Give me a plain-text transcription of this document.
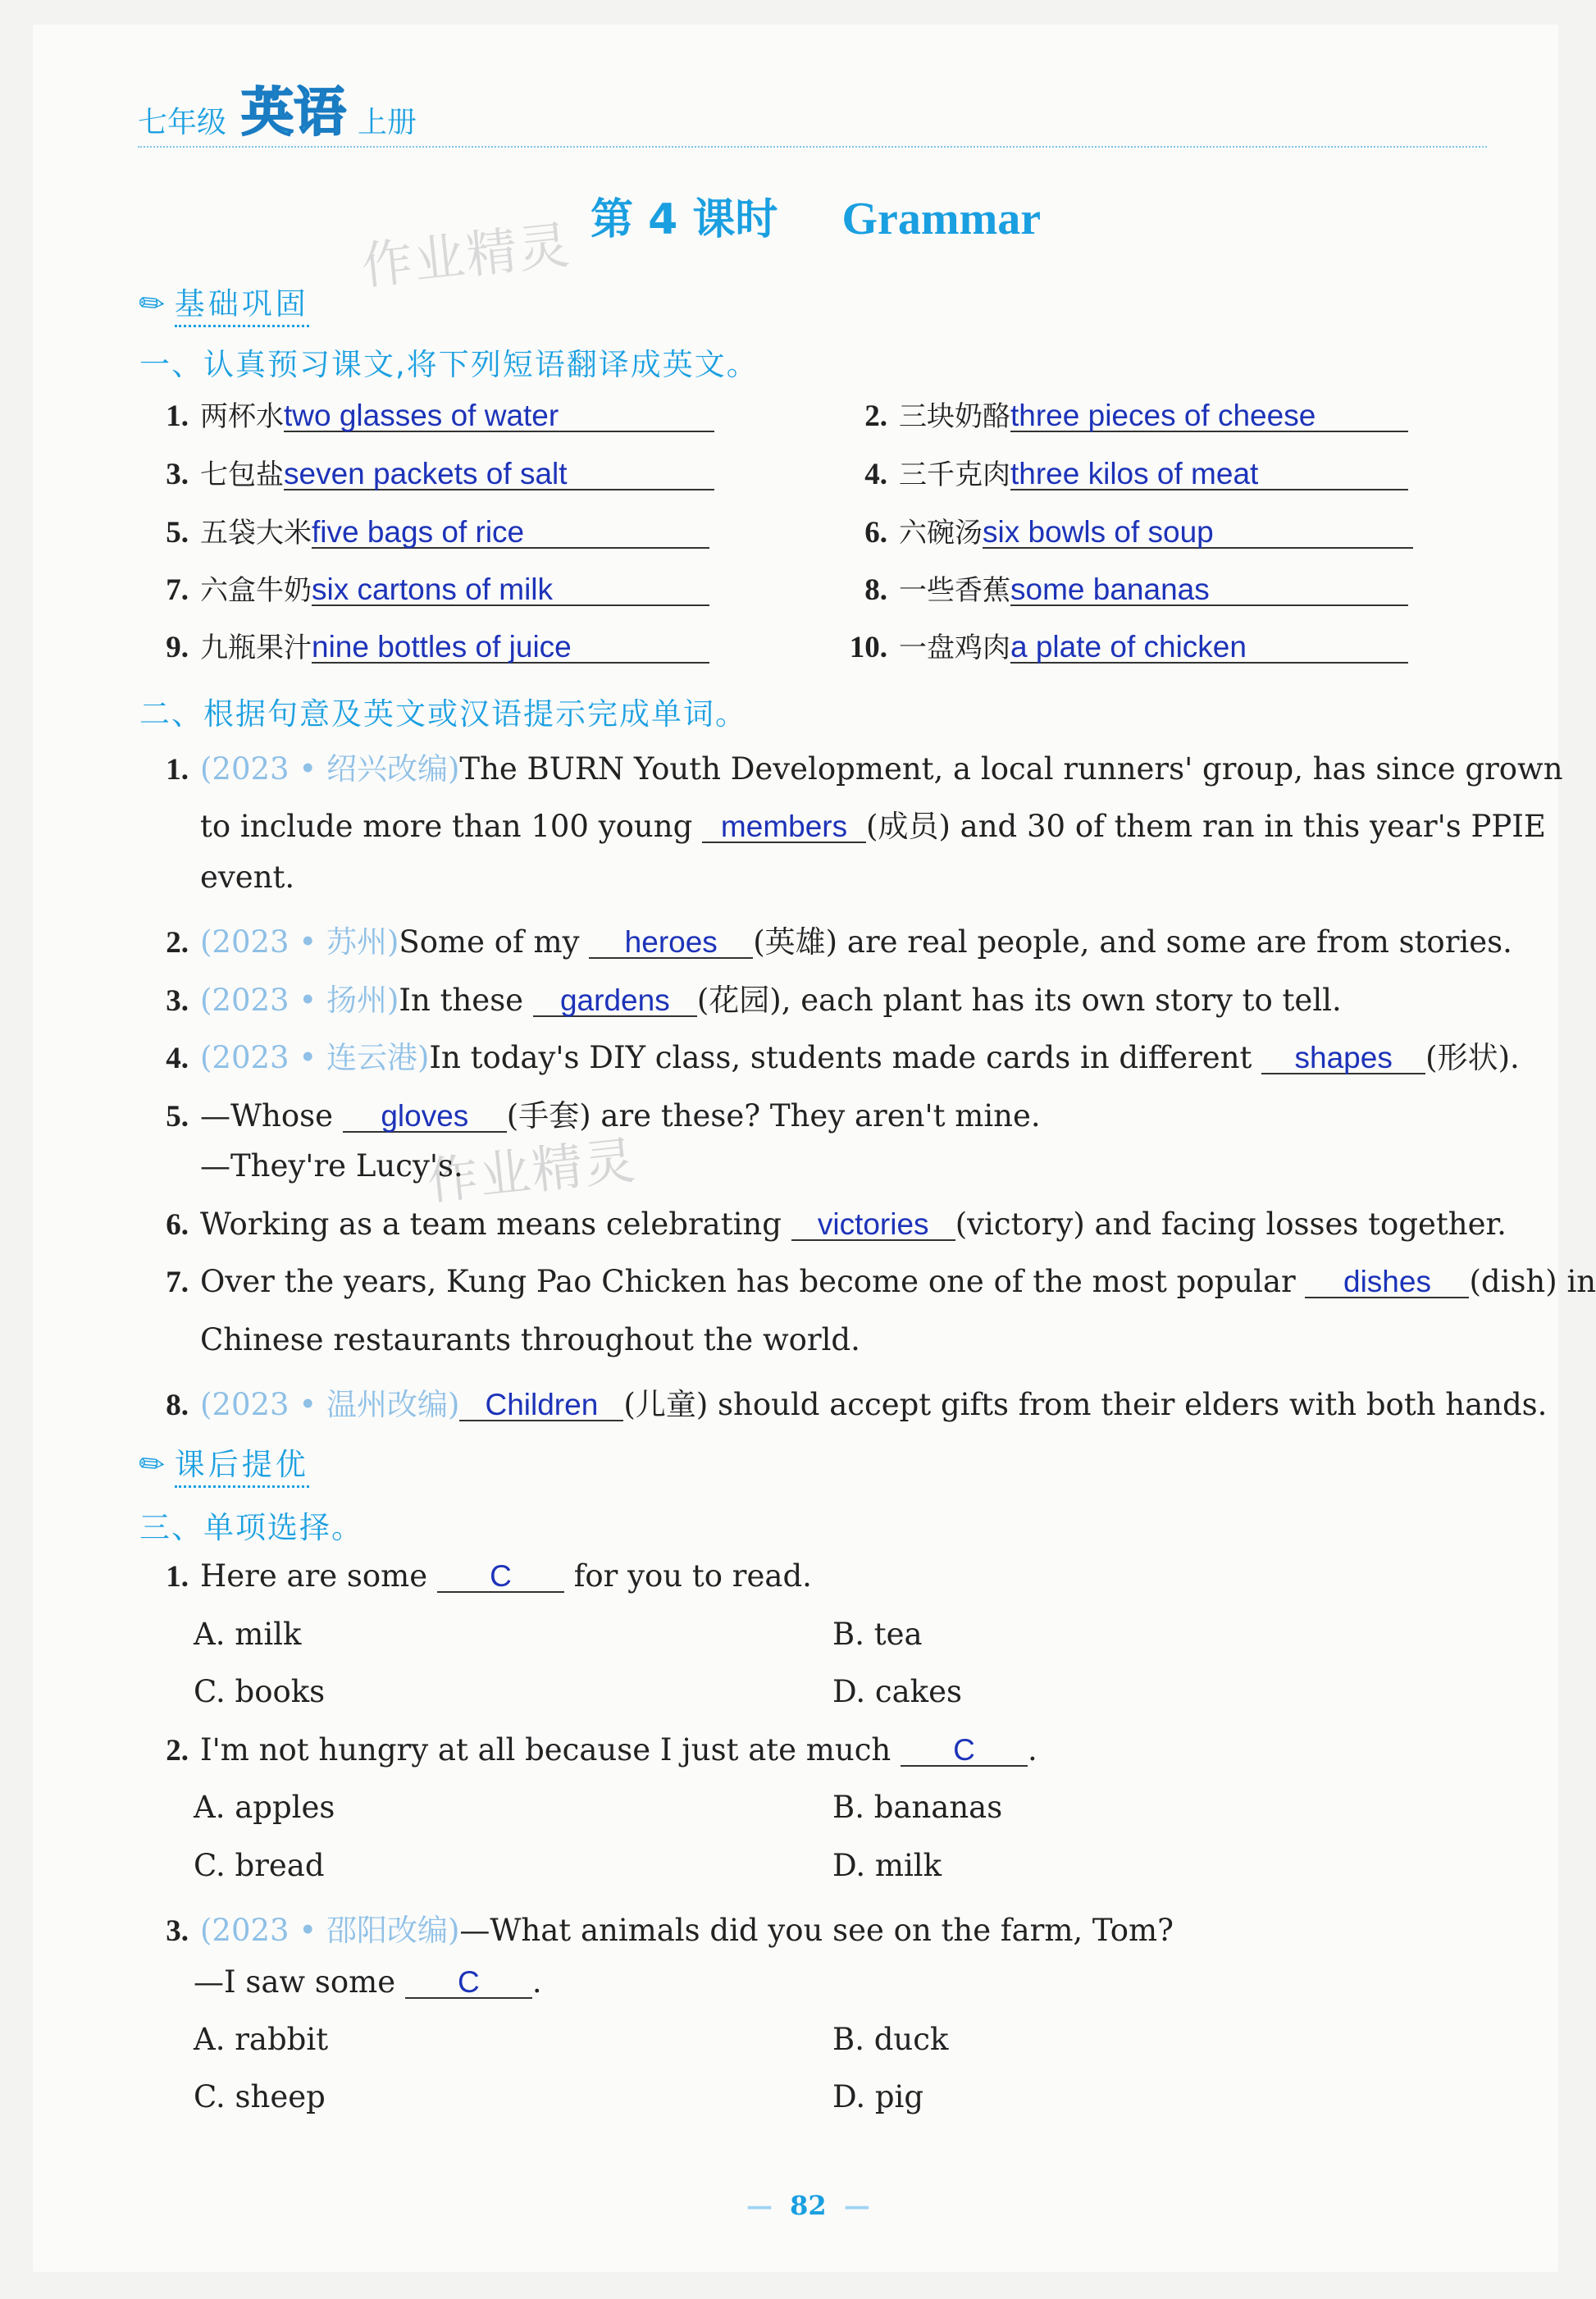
七年级 英语 上册
第 4 课时 Grammar
作业精灵
作业精灵
✎ 基础巩固
一、认真预习课文,将下列短语翻译成英文。
1. 两杯水two glasses of water	2. 三块奶酪three pieces of cheese
3. 七包盐seven packets of salt	4. 三千克肉three kilos of meat
5. 五袋大米five bags of rice	6. 六碗汤six bowls of soup
7. 六盒牛奶six cartons of milk	8. 一些香蕉some bananas
9. 九瓶果汁nine bottles of juice	10. 一盘鸡肉a plate of chicken
二、根据句意及英文或汉语提示完成单词。
1. (2023 • 绍兴改编)The BURN Youth Development, a local runners' group, has since grown
to include more than 100 young members (成员) and 30 of them ran in this year's PPIE
event.
2. (2023 • 苏州)Some of my heroes (英雄) are real people, and some are from stories.
3. (2023 • 扬州)In these gardens (花园), each plant has its own story to tell.
4. (2023 • 连云港)In today's DIY class, students made cards in different shapes (形状).
5. —Whose gloves (手套) are these? They aren't mine.
—They're Lucy's.
6. Working as a team means celebrating victories (victory) and facing losses together.
7. Over the years, Kung Pao Chicken has become one of the most popular dishes (dish) in
Chinese restaurants throughout the world.
8. (2023 • 温州改编) Children (儿童) should accept gifts from their elders with both hands.
✎ 课后提优
三、单项选择。
1. Here are some C for you to read.
A. milk	B. tea
C. books	D. cakes
2. I'm not hungry at all because I just ate much C .
A. apples	B. bananas
C. bread	D. milk
3. (2023 • 邵阳改编)—What animals did you see on the farm, Tom?
—I saw some C .
A. rabbit	B. duck
C. sheep	D. pig
— 82 —
